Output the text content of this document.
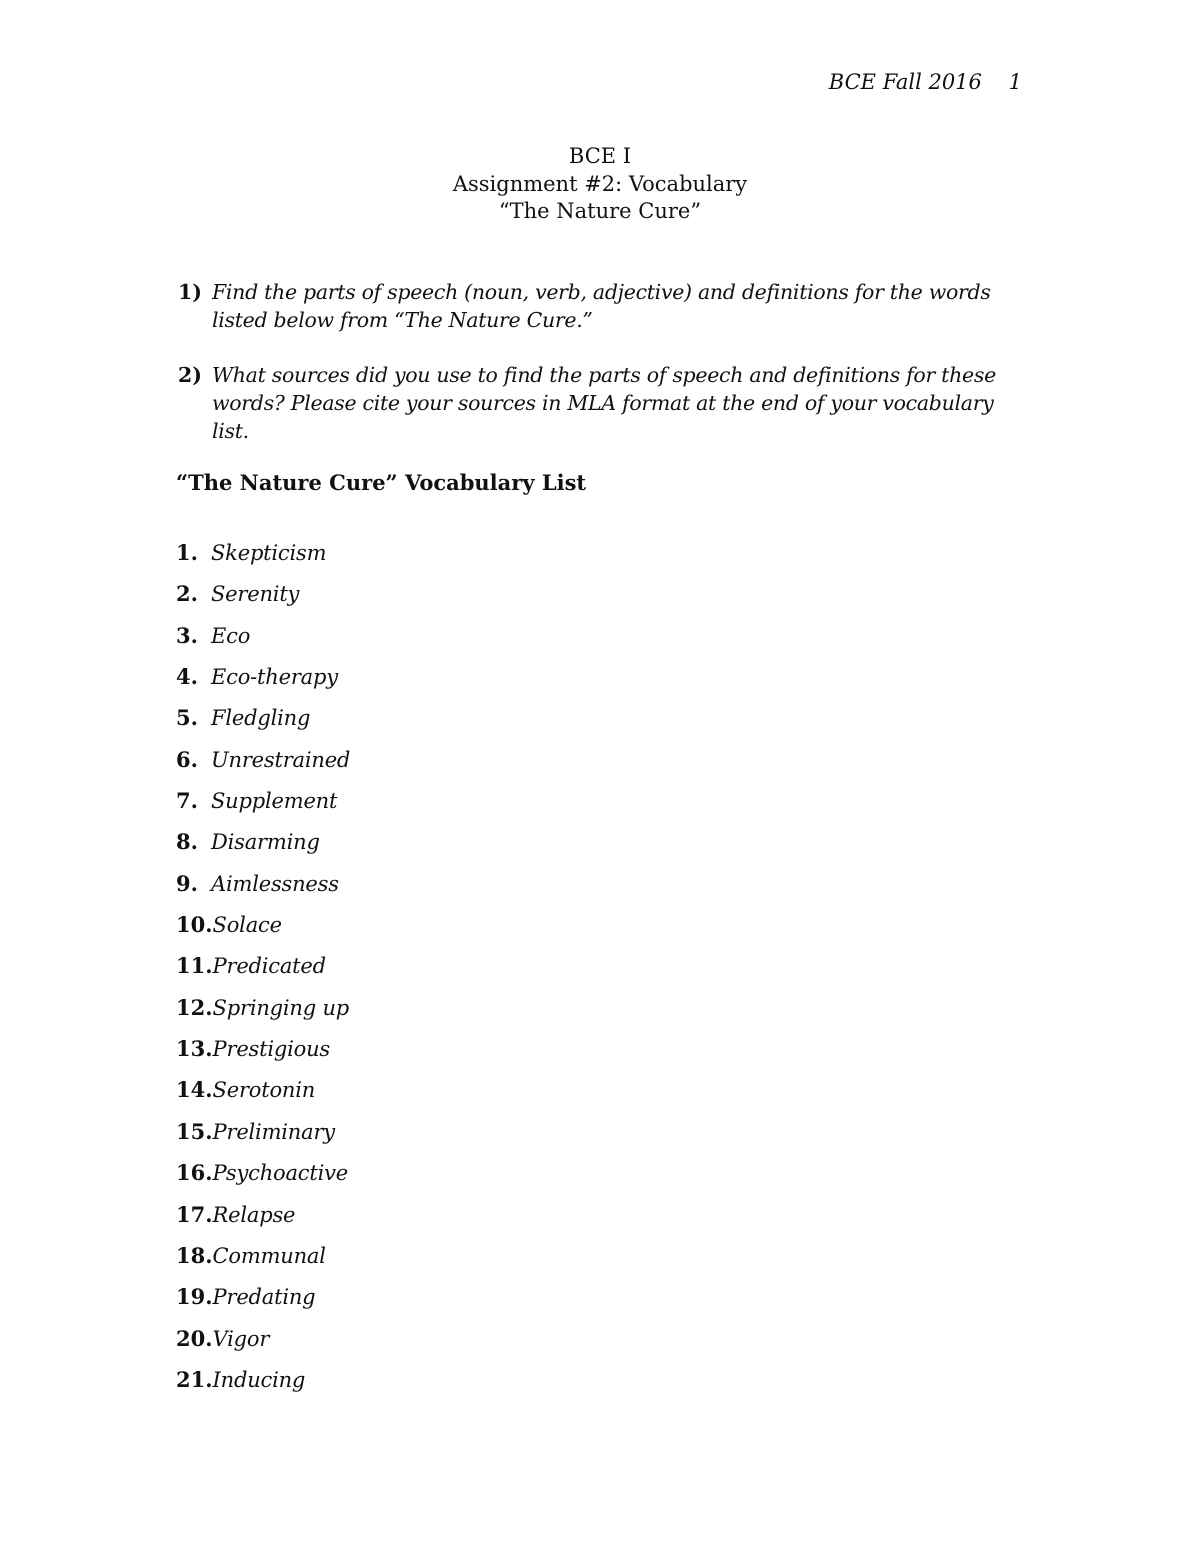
BCE Fall 2016 1
BCE I
Assignment #2: Vocabulary
“The Nature Cure”
1) Find the parts of speech (noun, verb, adjective) and definitions for the words listed below from “The Nature Cure.”
2) What sources did you use to find the parts of speech and definitions for these words? Please cite your sources in MLA format at the end of your vocabulary list.
“The Nature Cure” Vocabulary List
1. Skepticism
2. Serenity
3. Eco
4. Eco-therapy
5. Fledgling
6. Unrestrained
7. Supplement
8. Disarming
9. Aimlessness
10.Solace
11.Predicated
12.Springing up
13.Prestigious
14.Serotonin
15.Preliminary
16.Psychoactive
17.Relapse
18.Communal
19.Predating
20.Vigor
21.Inducing
